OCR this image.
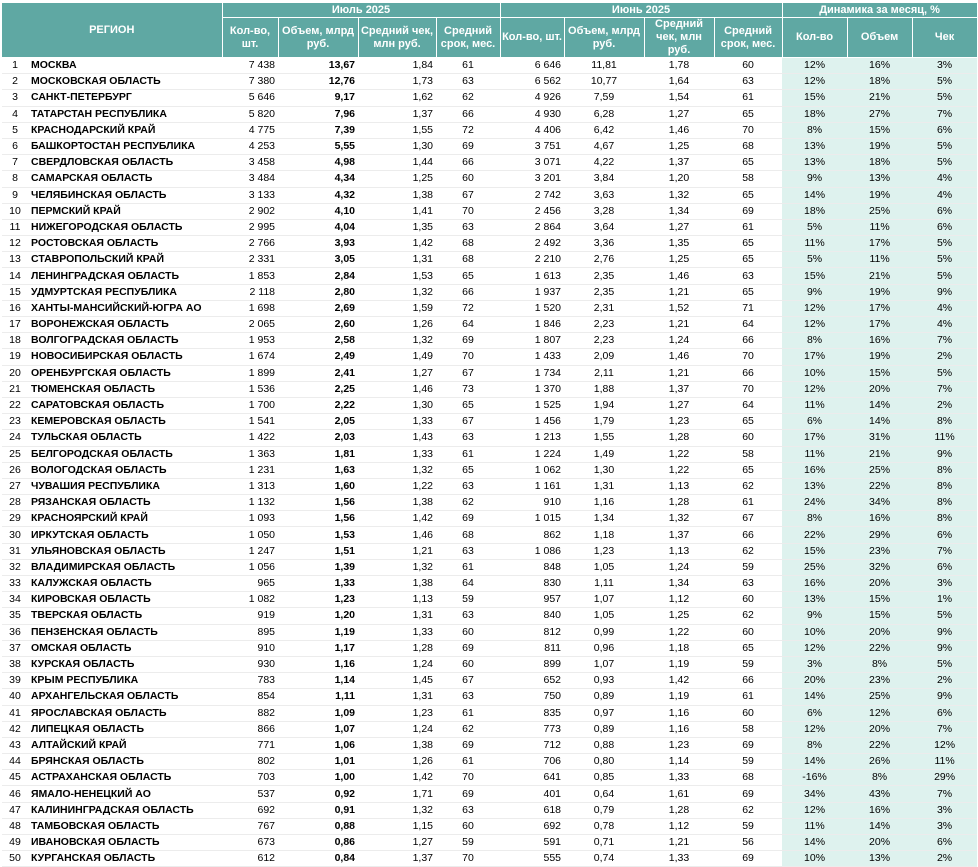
РЕГИОН		Июль 2025				Июнь 2025				Динамика за месяц, %		
		Кол-во, шт.	Объем, млрд руб.	Средний чек, млн руб.	Средний срок, мес.	Кол-во, шт.	Объем, млрд руб.	Средний чек, млн руб.	Средний срок, мес.	Кол-во	Объем	Чек
1	МОСКВА	7 438	13,67	1,84	61	6 646	11,81	1,78	60	12%	16%	3%
2	МОСКОВСКАЯ ОБЛАСТЬ	7 380	12,76	1,73	63	6 562	10,77	1,64	63	12%	18%	5%
3	САНКТ-ПЕТЕРБУРГ	5 646	9,17	1,62	62	4 926	7,59	1,54	61	15%	21%	5%
4	ТАТАРСТАН РЕСПУБЛИКА	5 820	7,96	1,37	66	4 930	6,28	1,27	65	18%	27%	7%
5	КРАСНОДАРСКИЙ КРАЙ	4 775	7,39	1,55	72	4 406	6,42	1,46	70	8%	15%	6%
6	БАШКОРТОСТАН РЕСПУБЛИКА	4 253	5,55	1,30	69	3 751	4,67	1,25	68	13%	19%	5%
7	СВЕРДЛОВСКАЯ ОБЛАСТЬ	3 458	4,98	1,44	66	3 071	4,22	1,37	65	13%	18%	5%
8	САМАРСКАЯ ОБЛАСТЬ	3 484	4,34	1,25	60	3 201	3,84	1,20	58	9%	13%	4%
9	ЧЕЛЯБИНСКАЯ ОБЛАСТЬ	3 133	4,32	1,38	67	2 742	3,63	1,32	65	14%	19%	4%
10	ПЕРМСКИЙ КРАЙ	2 902	4,10	1,41	70	2 456	3,28	1,34	69	18%	25%	6%
11	НИЖЕГОРОДСКАЯ ОБЛАСТЬ	2 995	4,04	1,35	63	2 864	3,64	1,27	61	5%	11%	6%
12	РОСТОВСКАЯ ОБЛАСТЬ	2 766	3,93	1,42	68	2 492	3,36	1,35	65	11%	17%	5%
13	СТАВРОПОЛЬСКИЙ КРАЙ	2 331	3,05	1,31	68	2 210	2,76	1,25	65	5%	11%	5%
14	ЛЕНИНГРАДСКАЯ ОБЛАСТЬ	1 853	2,84	1,53	65	1 613	2,35	1,46	63	15%	21%	5%
15	УДМУРТСКАЯ РЕСПУБЛИКА	2 118	2,80	1,32	66	1 937	2,35	1,21	65	9%	19%	9%
16	ХАНТЫ-МАНСИЙСКИЙ-ЮГРА АО	1 698	2,69	1,59	72	1 520	2,31	1,52	71	12%	17%	4%
17	ВОРОНЕЖСКАЯ ОБЛАСТЬ	2 065	2,60	1,26	64	1 846	2,23	1,21	64	12%	17%	4%
18	ВОЛГОГРАДСКАЯ ОБЛАСТЬ	1 953	2,58	1,32	69	1 807	2,23	1,24	66	8%	16%	7%
19	НОВОСИБИРСКАЯ ОБЛАСТЬ	1 674	2,49	1,49	70	1 433	2,09	1,46	70	17%	19%	2%
20	ОРЕНБУРГСКАЯ ОБЛАСТЬ	1 899	2,41	1,27	67	1 734	2,11	1,21	66	10%	15%	5%
21	ТЮМЕНСКАЯ ОБЛАСТЬ	1 536	2,25	1,46	73	1 370	1,88	1,37	70	12%	20%	7%
22	САРАТОВСКАЯ ОБЛАСТЬ	1 700	2,22	1,30	65	1 525	1,94	1,27	64	11%	14%	2%
23	КЕМЕРОВСКАЯ ОБЛАСТЬ	1 541	2,05	1,33	67	1 456	1,79	1,23	65	6%	14%	8%
24	ТУЛЬСКАЯ ОБЛАСТЬ	1 422	2,03	1,43	63	1 213	1,55	1,28	60	17%	31%	11%
25	БЕЛГОРОДСКАЯ ОБЛАСТЬ	1 363	1,81	1,33	61	1 224	1,49	1,22	58	11%	21%	9%
26	ВОЛОГОДСКАЯ ОБЛАСТЬ	1 231	1,63	1,32	65	1 062	1,30	1,22	65	16%	25%	8%
27	ЧУВАШИЯ РЕСПУБЛИКА	1 313	1,60	1,22	63	1 161	1,31	1,13	62	13%	22%	8%
28	РЯЗАНСКАЯ ОБЛАСТЬ	1 132	1,56	1,38	62	910	1,16	1,28	61	24%	34%	8%
29	КРАСНОЯРСКИЙ КРАЙ	1 093	1,56	1,42	69	1 015	1,34	1,32	67	8%	16%	8%
30	ИРКУТСКАЯ ОБЛАСТЬ	1 050	1,53	1,46	68	862	1,18	1,37	66	22%	29%	6%
31	УЛЬЯНОВСКАЯ ОБЛАСТЬ	1 247	1,51	1,21	63	1 086	1,23	1,13	62	15%	23%	7%
32	ВЛАДИМИРСКАЯ ОБЛАСТЬ	1 056	1,39	1,32	61	848	1,05	1,24	59	25%	32%	6%
33	КАЛУЖСКАЯ ОБЛАСТЬ	965	1,33	1,38	64	830	1,11	1,34	63	16%	20%	3%
34	КИРОВСКАЯ ОБЛАСТЬ	1 082	1,23	1,13	59	957	1,07	1,12	60	13%	15%	1%
35	ТВЕРСКАЯ ОБЛАСТЬ	919	1,20	1,31	63	840	1,05	1,25	62	9%	15%	5%
36	ПЕНЗЕНСКАЯ ОБЛАСТЬ	895	1,19	1,33	60	812	0,99	1,22	60	10%	20%	9%
37	ОМСКАЯ ОБЛАСТЬ	910	1,17	1,28	69	811	0,96	1,18	65	12%	22%	9%
38	КУРСКАЯ ОБЛАСТЬ	930	1,16	1,24	60	899	1,07	1,19	59	3%	8%	5%
39	КРЫМ РЕСПУБЛИКА	783	1,14	1,45	67	652	0,93	1,42	66	20%	23%	2%
40	АРХАНГЕЛЬСКАЯ ОБЛАСТЬ	854	1,11	1,31	63	750	0,89	1,19	61	14%	25%	9%
41	ЯРОСЛАВСКАЯ ОБЛАСТЬ	882	1,09	1,23	61	835	0,97	1,16	60	6%	12%	6%
42	ЛИПЕЦКАЯ ОБЛАСТЬ	866	1,07	1,24	62	773	0,89	1,16	58	12%	20%	7%
43	АЛТАЙСКИЙ КРАЙ	771	1,06	1,38	69	712	0,88	1,23	69	8%	22%	12%
44	БРЯНСКАЯ ОБЛАСТЬ	802	1,01	1,26	61	706	0,80	1,14	59	14%	26%	11%
45	АСТРАХАНСКАЯ ОБЛАСТЬ	703	1,00	1,42	70	641	0,85	1,33	68	-16%	8%	29%
46	ЯМАЛО-НЕНЕЦКИЙ АО	537	0,92	1,71	69	401	0,64	1,61	69	34%	43%	7%
47	КАЛИНИНГРАДСКАЯ ОБЛАСТЬ	692	0,91	1,32	63	618	0,79	1,28	62	12%	16%	3%
48	ТАМБОВСКАЯ ОБЛАСТЬ	767	0,88	1,15	60	692	0,78	1,12	59	11%	14%	3%
49	ИВАНОВСКАЯ ОБЛАСТЬ	673	0,86	1,27	59	591	0,71	1,21	56	14%	20%	6%
50	КУРГАНСКАЯ ОБЛАСТЬ	612	0,84	1,37	70	555	0,74	1,33	69	10%	13%	2%
